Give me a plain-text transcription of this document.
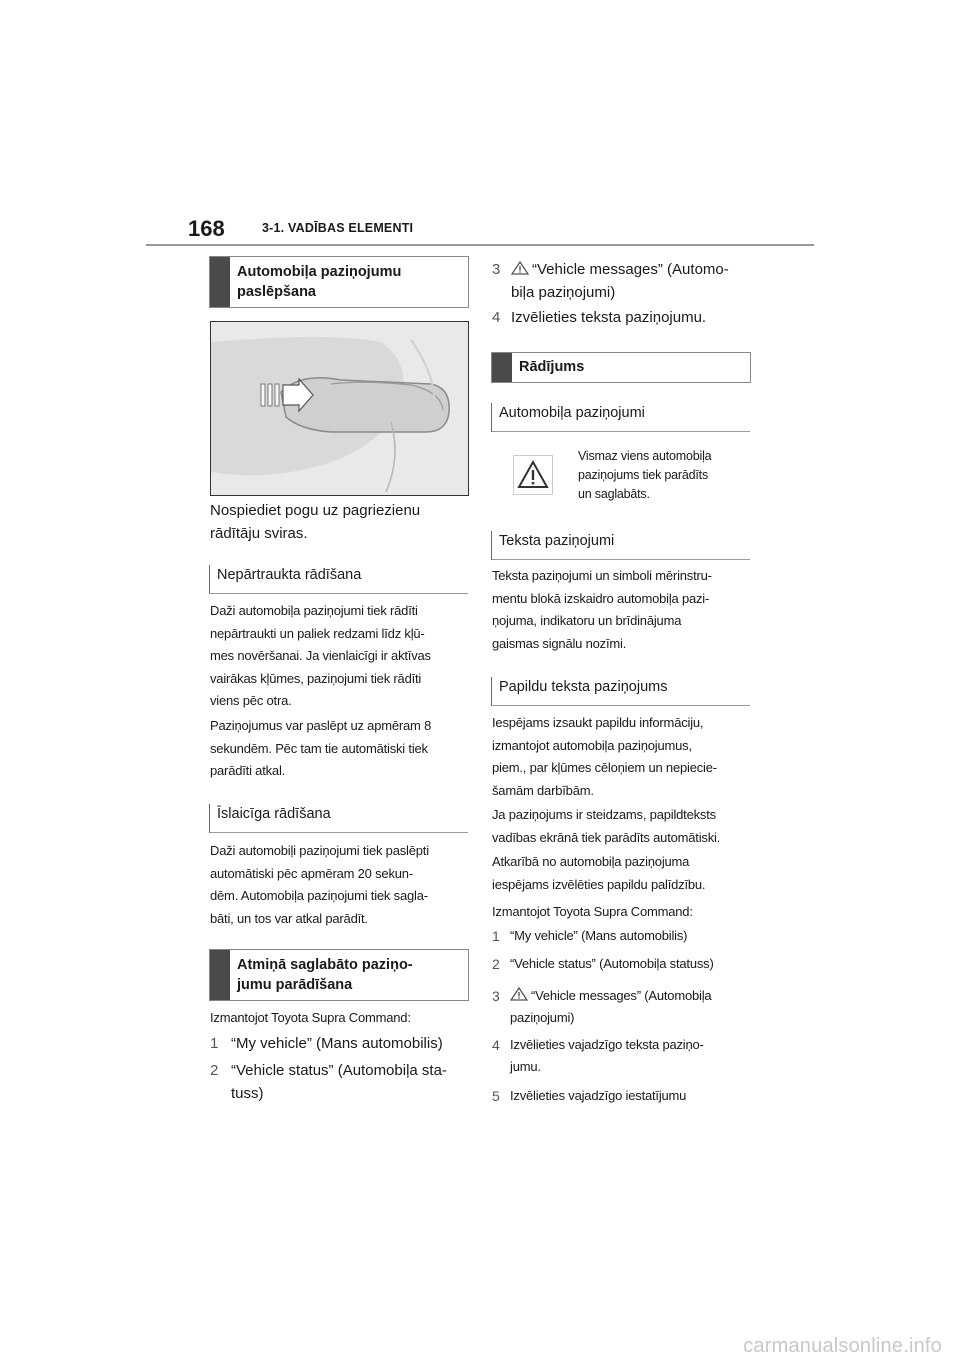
168	3-1. VADĪBAS ELEMENTI
Automobiļa paziņojumu
paslēpšana
Nospiediet pogu uz pagriezienu
rādītāju sviras.
Nepārtraukta rādīšana
Daži automobiļa paziņojumi tiek rādīti
nepārtraukti un paliek redzami līdz kļū-
mes novēršanai. Ja vienlaicīgi ir aktīvas
vairākas kļūmes, paziņojumi tiek rādīti
viens pēc otra.
Paziņojumus var paslēpt uz apmēram 8
sekundēm. Pēc tam tie automātiski tiek
parādīti atkal.
Īslaicīga rādīšana
Daži automobiļi paziņojumi tiek paslēpti
automātiski pēc apmēram 20 sekun-
dēm. Automobiļa paziņojumi tiek sagla-
bāti, un tos var atkal parādīt.
Atmiņā saglabāto paziņo-
jumu parādīšana
Izmantojot Toyota Supra Command:
1 “My vehicle” (Mans automobilis)
2 “Vehicle status” (Automobiļa sta-
tuss)
3	“Vehicle messages” (Automo-
biļa paziņojumi)
4 Izvēlieties teksta paziņojumu.
Rādījums
Automobiļa paziņojumi
Vismaz viens automobiļa
paziņojums tiek parādīts
un saglabāts.
Teksta paziņojumi
Teksta paziņojumi un simboli mērinstru-
mentu blokā izskaidro automobiļa pazi-
ņojuma, indikatoru un brīdinājuma
gaismas signālu nozīmi.
Papildu teksta paziņojums
Iespējams izsaukt papildu informāciju,
izmantojot automobiļa paziņojumus,
piem., par kļūmes cēloņiem un nepiecie-
šamām darbībām.
Ja paziņojums ir steidzams, papildteksts
vadības ekrānā tiek parādīts automātiski.
Atkarībā no automobiļa paziņojuma
iespējams izvēlēties papildu palīdzību.
Izmantojot Toyota Supra Command:
1 “My vehicle” (Mans automobilis)
2 “Vehicle status” (Automobiļa statuss)
3	“Vehicle messages” (Automobiļa
paziņojumi)
4 Izvēlieties vajadzīgo teksta paziņo-
jumu.
5 Izvēlieties vajadzīgo iestatījumu
carmanualsonline.info
